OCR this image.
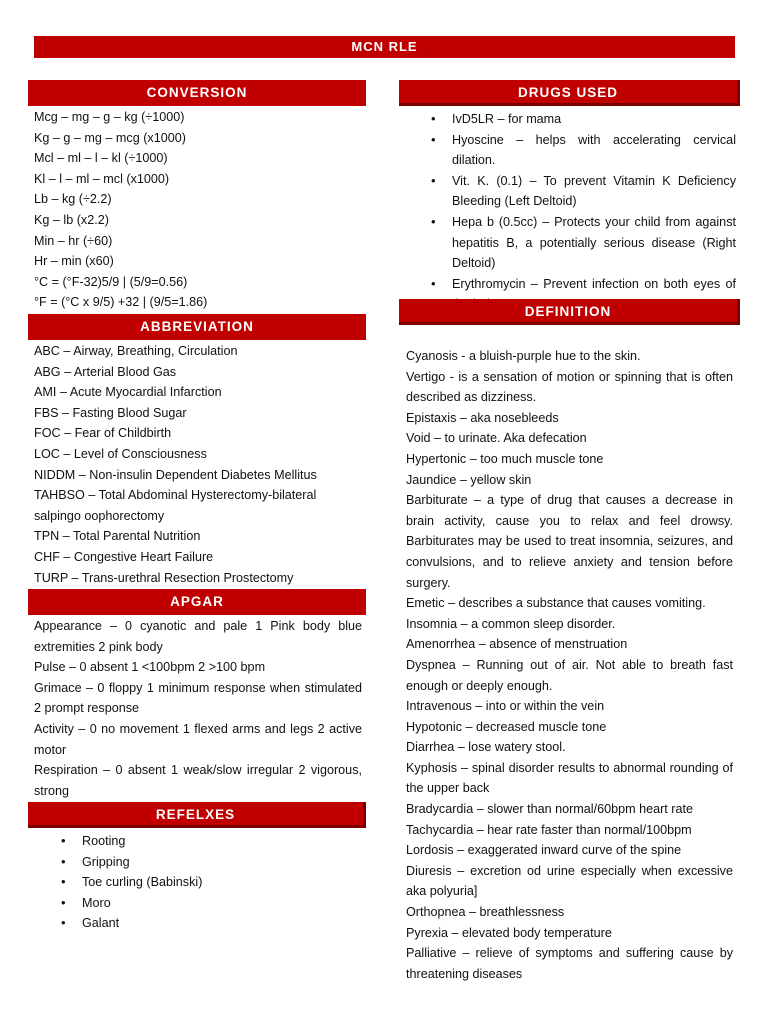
MCN RLE
CONVERSION
Mcg – mg – g – kg (÷1000)
Kg – g – mg – mcg (x1000)
Mcl – ml – l – kl (÷1000)
Kl – l – ml – mcl (x1000)
Lb – kg (÷2.2)
Kg – lb (x2.2)
Min – hr (÷60)
Hr – min (x60)
°C = (°F-32)5/9 | (5/9=0.56)
°F = (°C x 9/5) +32 | (9/5=1.86)
ABBREVIATION
ABC – Airway, Breathing, Circulation
ABG – Arterial Blood Gas
AMI – Acute Myocardial Infarction
FBS – Fasting Blood Sugar
FOC – Fear of Childbirth
LOC – Level of Consciousness
NIDDM – Non-insulin Dependent Diabetes Mellitus
TAHBSO – Total Abdominal Hysterectomy-bilateral salpingo oophorectomy
TPN – Total Parental Nutrition
CHF – Congestive Heart Failure
TURP – Trans-urethral Resection Prostectomy
APGAR
Appearance – 0 cyanotic and pale 1 Pink body blue extremities 2 pink body
Pulse – 0 absent 1 <100bpm 2 >100 bpm
Grimace – 0 floppy 1 minimum response when stimulated 2 prompt response
Activity – 0 no movement 1 flexed arms and legs 2 active motor
Respiration – 0 absent 1 weak/slow irregular 2 vigorous, strong
REFELXES
• Rooting
• Gripping
• Toe curling (Babinski)
• Moro
• Galant
DRUGS USED
• IvD5LR – for mama
• Hyoscine – helps with accelerating cervical dilation.
• Vit. K. (0.1) – To prevent Vitamin K Deficiency Bleeding (Left Deltoid)
• Hepa b (0.5cc) – Protects your child from against hepatitis B, a potentially serious disease (Right Deltoid)
• Erythromycin – Prevent infection on both eyes of
DEFINITION
Cyanosis - a bluish-purple hue to the skin.
Vertigo - is a sensation of motion or spinning that is often described as dizziness.
Epistaxis – aka nosebleeds
Void – to urinate. Aka defecation
Hypertonic – too much muscle tone
Jaundice – yellow skin
Barbiturate – a type of drug that causes a decrease in brain activity, cause you to relax and feel drowsy. Barbiturates may be used to treat insomnia, seizures, and convulsions, and to relieve anxiety and tension before surgery.
Emetic – describes a substance that causes vomiting.
Insomnia – a common sleep disorder.
Amenorrhea – absence of menstruation
Dyspnea – Running out of air. Not able to breath fast enough or deeply enough.
Intravenous – into or within the vein
Hypotonic – decreased muscle tone
Diarrhea – lose watery stool.
Kyphosis – spinal disorder results to abnormal rounding of the upper back
Bradycardia – slower than normal/60bpm heart rate
Tachycardia – hear rate faster than normal/100bpm
Lordosis – exaggerated inward curve of the spine
Diuresis – excretion od urine especially when excessive aka polyuria]
Orthopnea – breathlessness
Pyrexia – elevated body temperature
Palliative – relieve of symptoms and suffering cause by threatening diseases
